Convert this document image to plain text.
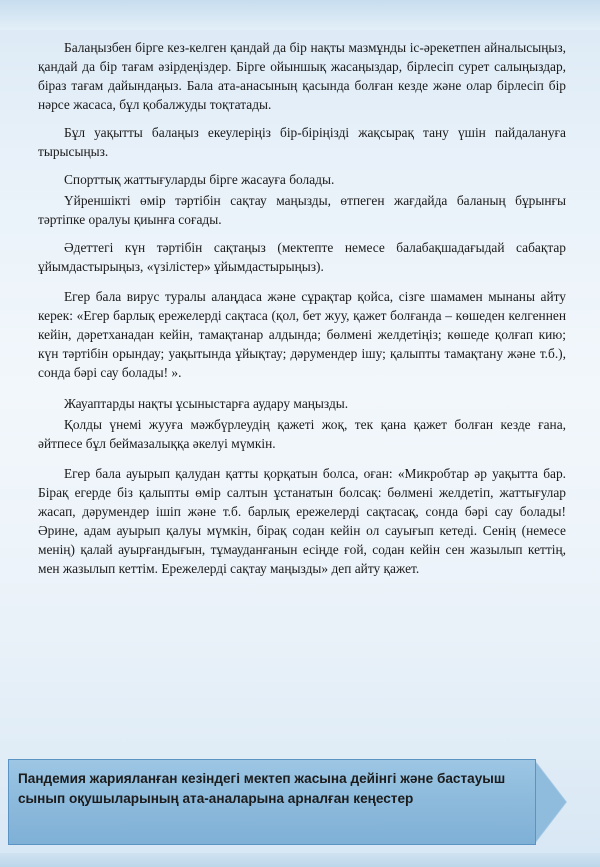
Балаңызбен бірге кез-келген қандай да бір нақты мазмұнды іс-әрекетпен айналысыңыз, қандай да бір тағам әзірдеңіздер. Бірге ойыншық жасаңыздар, бірлесіп сурет салыңыздар, біраз тағам дайындаңыз. Бала ата-анасының қасында болған кезде және олар бірлесіп бір нәрсе жасаса, бұл қобалжуды тоқтатады.

Бұл уақытты балаңыз екеулеріңіз бір-біріңізді жақсырақ тану үшін пайдалануға тырысыңыз.

Спорттық жаттығуларды бірге жасауға болады.

Үйреншікті өмір тәртібін сақтау маңызды, өтпеген жағдайда баланың бұрынғы тәртіпке оралуы қиынға соғады.

Әдеттегі күн тәртібін сақтаңыз (мектепте немесе балабақшадағыдай сабақтар ұйымдастырыңыз, «үзілістер» ұйымдастырыңыз).

Егер бала вирус туралы алаңдаса және сұрақтар қойса, сізге шамамен мынаны айту керек: «Егер барлық ережелерді сақтаса (қол, бет жуу, қажет болғанда – көшеден келгеннен кейін, дәретханадан кейін, тамақтанар алдында; бөлмені желдетіңіз; көшеде қолғап кию; күн тәртібін орындау; уақытында ұйықтау; дәрумендер ішу; қалыпты тамақтану және т.б.), сонда бәрі сау болады! ».

Жауаптарды нақты ұсыныстарға аудару маңызды.

Қолды үнемі жууға мәжбүрлеудің қажеті жоқ, тек қана қажет болған кезде ғана, әйтпесе бұл беймазалыққа әкелуі мүмкін.

Егер бала ауырып қалудан қатты қорқатын болса, оған: «Микробтар әр уақытта бар. Бірақ егерде біз қалыпты өмір салтын ұстанатын болсақ: бөлмені желдетіп, жаттығулар жасап, дәрумендер ішіп және т.б. барлық ережелерді сақтасақ, сонда бәрі сау болады! Әрине, адам ауырып қалуы мүмкін, бірақ содан кейін ол сауығып кетеді. Сенің (немесе менің) қалай ауырғандығын, тұмауданғанын есіңде ғой, содан кейін сен жазылып кеттің, мен жазылып кеттім. Ережелерді сақтау маңызды» деп айту қажет.

Пандемия жарияланған кезіндегі мектеп жасына дейінгі және бастауыш сынып оқушыларының ата-аналарына арналған кеңестер
